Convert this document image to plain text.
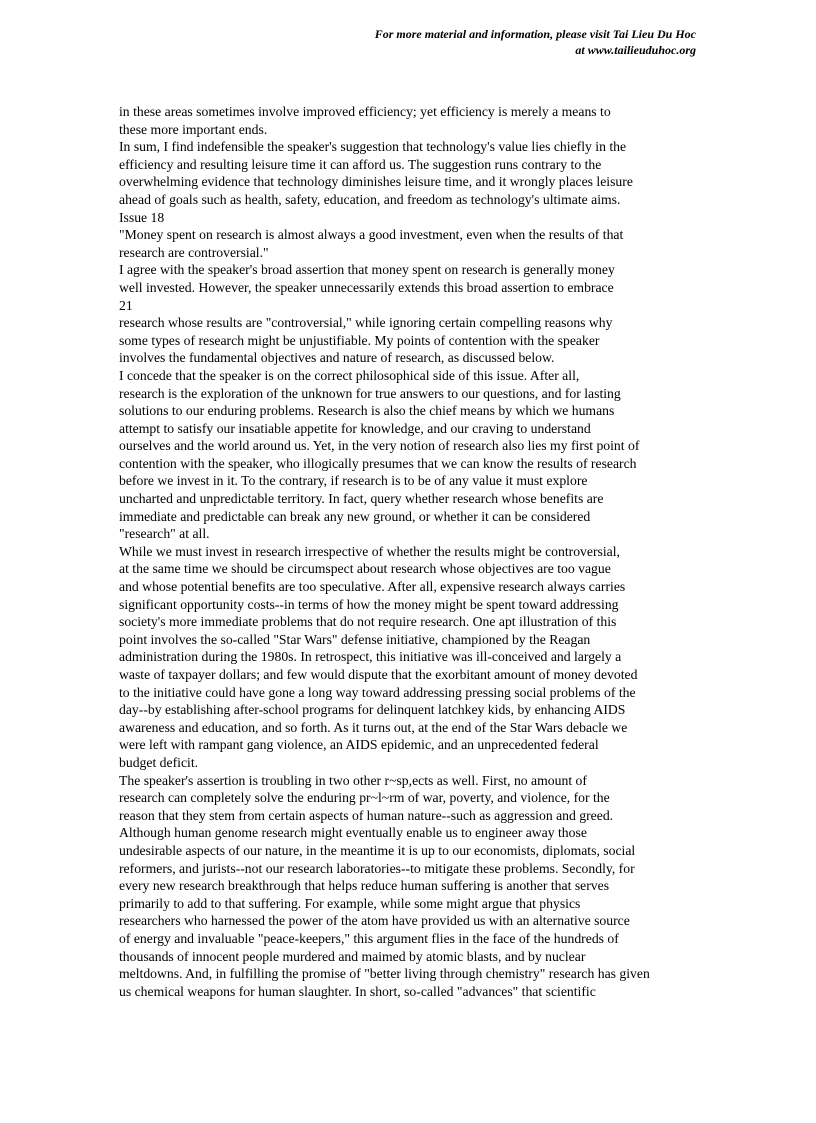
For more material and information, please visit Tai Lieu Du Hoc
at www.tailieuduhoc.org
in these areas sometimes involve improved efficiency; yet efficiency is merely a means to
these more important ends.
In sum, I find indefensible the speaker's suggestion that technology's value lies chiefly in the
efficiency and resulting leisure time it can afford us. The suggestion runs contrary to the
overwhelming evidence that technology diminishes leisure time, and it wrongly places leisure
ahead of goals such as health, safety, education, and freedom as technology's ultimate aims.
Issue 18
"Money spent on research is almost always a good investment, even when the results of that
research are controversial."
I agree with the speaker's broad assertion that money spent on research is generally money
well invested. However, the speaker unnecessarily extends this broad assertion to embrace
21
research whose results are "controversial," while ignoring certain compelling reasons why
some types of research might be unjustifiable. My points of contention with the speaker
involves the fundamental objectives and nature of research, as discussed below.
I concede that the speaker is on the correct philosophical side of this issue. After all,
research is the exploration of the unknown for true answers to our questions, and for lasting
solutions to our enduring problems. Research is also the chief means by which we humans
attempt to satisfy our insatiable appetite for knowledge, and our craving to understand
ourselves and the world around us. Yet, in the very notion of research also lies my first point of
contention with the speaker, who illogically presumes that we can know the results of research
before we invest in it. To the contrary, if research is to be of any value it must explore
uncharted and unpredictable territory. In fact, query whether research whose benefits are
immediate and predictable can break any new ground, or whether it can be considered
"research" at all.
While we must invest in research irrespective of whether the results might be controversial,
at the same time we should be circumspect about research whose objectives are too vague
and whose potential benefits are too speculative. After all, expensive research always carries
significant opportunity costs--in terms of how the money might be spent toward addressing
society's more immediate problems that do not require research. One apt illustration of this
point involves the so-called "Star Wars" defense initiative, championed by the Reagan
administration during the 1980s. In retrospect, this initiative was ill-conceived and largely a
waste of taxpayer dollars; and few would dispute that the exorbitant amount of money devoted
to the initiative could have gone a long way toward addressing pressing social problems of the
day--by establishing after-school programs for delinquent latchkey kids, by enhancing AIDS
awareness and education, and so forth. As it turns out, at the end of the Star Wars debacle we
were left with rampant gang violence, an AIDS epidemic, and an unprecedented federal
budget deficit.
The speaker's assertion is troubling in two other r~sp,ects as well. First, no amount of
research can completely solve the enduring pr~l~rm of war, poverty, and violence, for the
reason that they stem from certain aspects of human nature--such as aggression and greed.
Although human genome research might eventually enable us to engineer away those
undesirable aspects of our nature, in the meantime it is up to our economists, diplomats, social
reformers, and jurists--not our research laboratories--to mitigate these problems. Secondly, for
every new research breakthrough that helps reduce human suffering is another that serves
primarily to add to that suffering. For example, while some might argue that physics
researchers who harnessed the power of the atom have provided us with an alternative source
of energy and invaluable "peace-keepers," this argument flies in the face of the hundreds of
thousands of innocent people murdered and maimed by atomic blasts, and by nuclear
meltdowns. And, in fulfilling the promise of "better living through chemistry" research has given
us chemical weapons for human slaughter. In short, so-called "advances" that scientific
